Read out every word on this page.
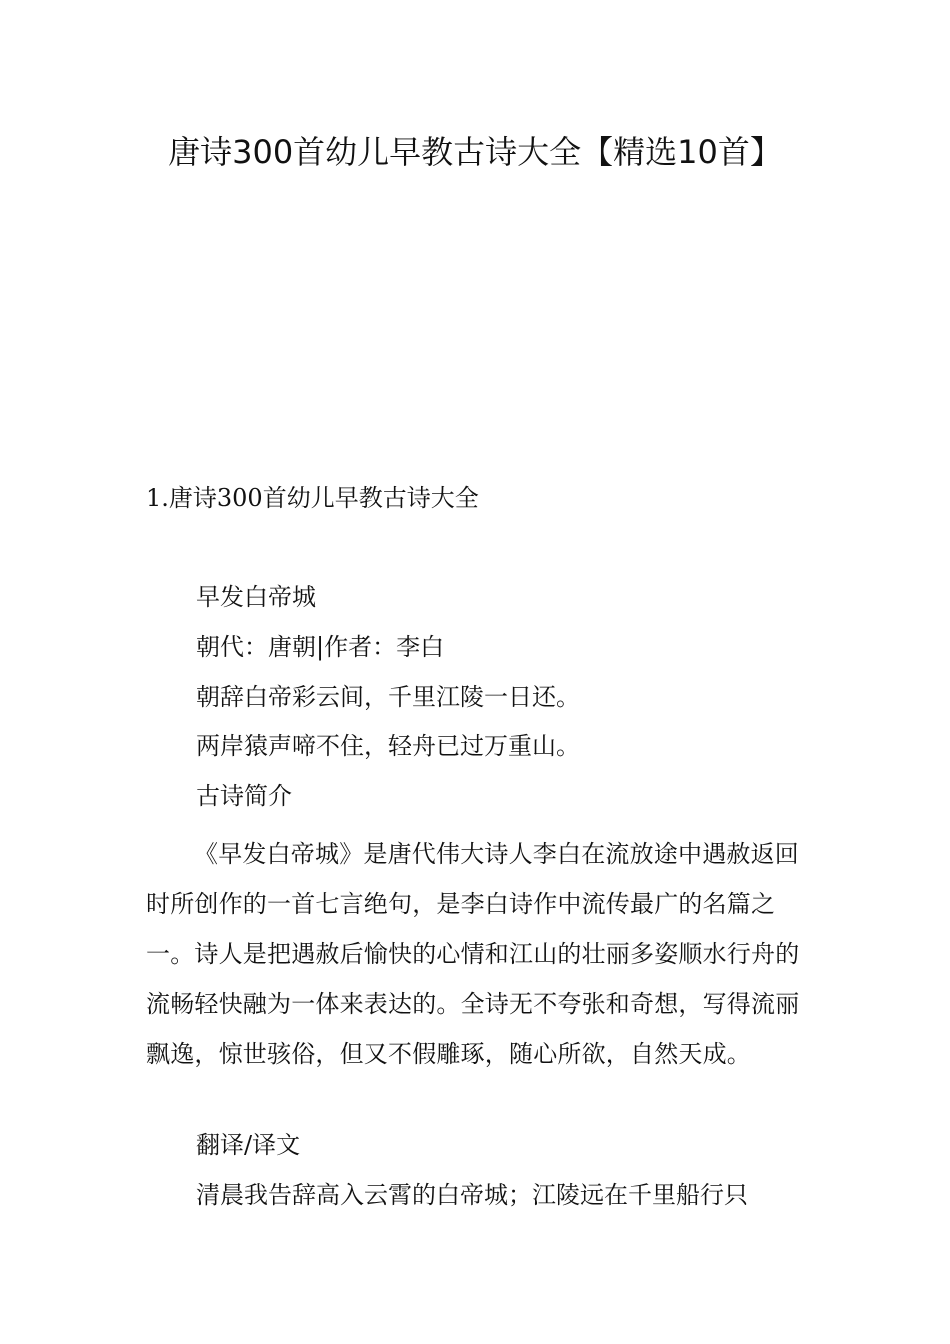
唐诗300首幼儿早教古诗大全【精选10首】
1.唐诗300首幼儿早教古诗大全

早发白帝城

朝代：唐朝|作者：李白

朝辞白帝彩云间，千里江陵一日还。

两岸猿声啼不住，轻舟已过万重山。

古诗简介

《早发白帝城》是唐代伟大诗人李白在流放途中遇赦返回时所创作的一首七言绝句，是李白诗作中流传最广的名篇之一。诗人是把遇赦后愉快的心情和江山的壮丽多姿顺水行舟的流畅轻快融为一体来表达的。全诗无不夸张和奇想，写得流丽飘逸，惊世骇俗，但又不假雕琢，随心所欲，自然天成。

翻译/译文

清晨我告辞高入云霄的白帝城；江陵远在千里船行只
